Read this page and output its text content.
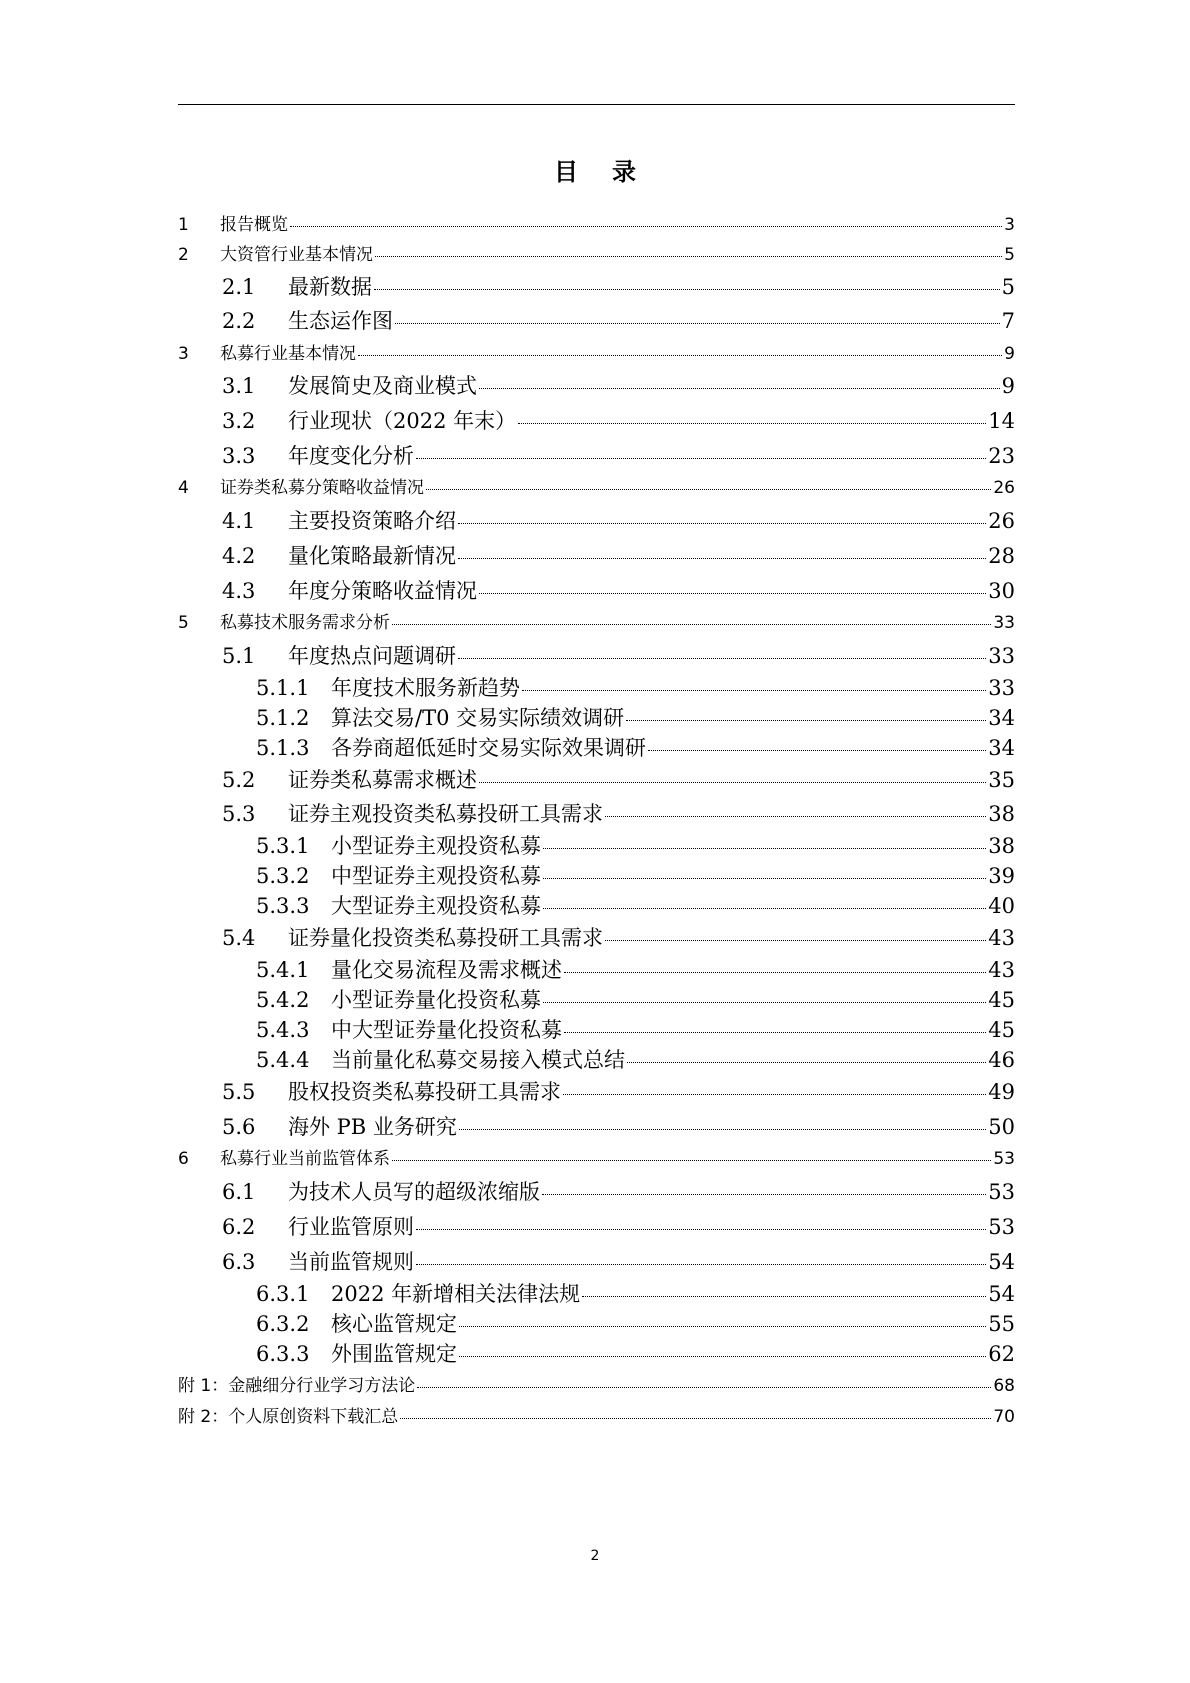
目 录
1	报告概览	3
2	大资管行业基本情况	5
2.1	最新数据	5
2.2	生态运作图	7
3	私募行业基本情况	9
3.1	发展简史及商业模式	9
3.2	行业现状（2022 年末）	14
3.3	年度变化分析	23
4	证券类私募分策略收益情况	26
4.1	主要投资策略介绍	26
4.2	量化策略最新情况	28
4.3	年度分策略收益情况	30
5	私募技术服务需求分析	33
5.1	年度热点问题调研	33
5.1.1	年度技术服务新趋势	33
5.1.2	算法交易/T0 交易实际绩效调研	34
5.1.3	各券商超低延时交易实际效果调研	34
5.2	证券类私募需求概述	35
5.3	证券主观投资类私募投研工具需求	38
5.3.1	小型证券主观投资私募	38
5.3.2	中型证券主观投资私募	39
5.3.3	大型证券主观投资私募	40
5.4	证券量化投资类私募投研工具需求	43
5.4.1	量化交易流程及需求概述	43
5.4.2	小型证券量化投资私募	45
5.4.3	中大型证券量化投资私募	45
5.4.4	当前量化私募交易接入模式总结	46
5.5	股权投资类私募投研工具需求	49
5.6	海外 PB 业务研究	50
6	私募行业当前监管体系	53
6.1	为技术人员写的超级浓缩版	53
6.2	行业监管原则	53
6.3	当前监管规则	54
6.3.1	2022 年新增相关法律法规	54
6.3.2	核心监管规定	55
6.3.3	外围监管规定	62
附 1：金融细分行业学习方法论	68
附 2：个人原创资料下载汇总	70
2
